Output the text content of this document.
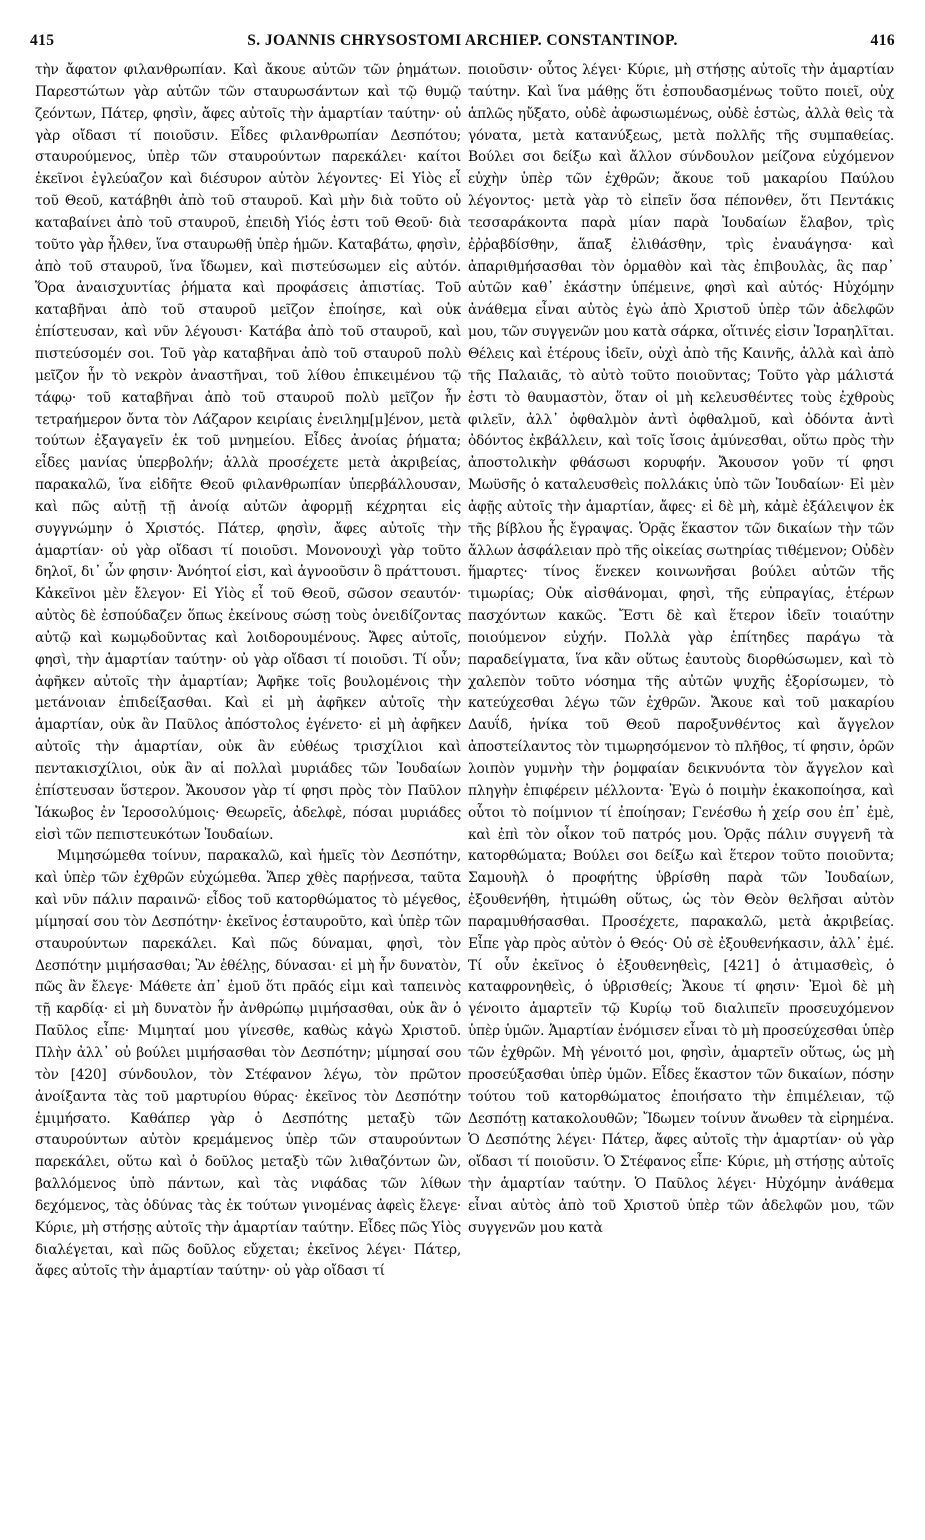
415	S. JOANNIS CHRYSOSTOMI ARCHIEP. CONSTANTINOP.	416

τὴν ἄφατον φιλανθρωπίαν. Καὶ ἄκουε αὐτῶν τῶν ῥημάτων. Παρεστώτων γὰρ αὐτῶν τῶν σταυρωσάντων καὶ τῷ θυμῷ ζεόντων, Πάτερ, φησὶν, ἄφες αὐτοῖς τὴν ἁμαρτίαν ταύτην· οὐ γὰρ οἴδασι τί ποιοῦσιν. Εἶδες φιλανθρωπίαν Δεσπότου; σταυρούμενος, ὑπὲρ τῶν σταυρούντων παρεκάλει· καίτοι ἐκεῖνοι ἐγλεύαζον καὶ διέσυρον αὐτὸν λέγοντες· Εἰ Υἱὸς εἶ τοῦ Θεοῦ, κατάβηθι ἀπὸ τοῦ σταυροῦ. Καὶ μὴν διὰ τοῦτο οὐ καταβαίνει ἀπὸ τοῦ σταυροῦ, ἐπειδὴ Υἱός ἐστι τοῦ Θεοῦ· διὰ τοῦτο γὰρ ἦλθεν, ἵνα σταυρωθῇ ὑπὲρ ἡμῶν. Καταβάτω, φησὶν, ἀπὸ τοῦ σταυροῦ, ἵνα ἴδωμεν, καὶ πιστεύσωμεν εἰς αὐτόν. Ὅρα ἀναισχυντίας ῥήματα καὶ προφάσεις ἀπιστίας. Τοῦ καταβῆναι ἀπὸ τοῦ σταυροῦ μεῖζον ἐποίησε, καὶ οὐκ ἐπίστευσαν, καὶ νῦν λέγουσι· Κατάβα ἀπὸ τοῦ σταυροῦ, καὶ πιστεύσομέν σοι. Τοῦ γὰρ καταβῆναι ἀπὸ τοῦ σταυροῦ πολὺ μεῖζον ἦν τὸ νεκρὸν ἀναστῆναι, τοῦ λίθου ἐπικειμένου τῷ τάφῳ· τοῦ καταβῆναι ἀπὸ τοῦ σταυροῦ πολὺ μεῖζον ἦν τετραήμερον ὄντα τὸν Λάζαρον κειρίαις ἐνειλημ[μ]ένον, μετὰ τούτων ἐξαγαγεῖν ἐκ τοῦ μνημείου. Εἶδες ἀνοίας ῥήματα; εἶδες μανίας ὑπερβολήν; ἀλλὰ προσέχετε μετὰ ἀκριβείας, παρακαλῶ, ἵνα εἰδῆτε Θεοῦ φιλανθρωπίαν ὑπερβάλλουσαν, καὶ πῶς αὐτῇ τῇ ἀνοίᾳ αὐτῶν ἀφορμῇ κέχρηται εἰς συγγνώμην ὁ Χριστός. Πάτερ, φησὶν, ἄφες αὐτοῖς τὴν ἁμαρτίαν· οὐ γὰρ οἴδασι τί ποιοῦσι. Μονονουχὶ γὰρ τοῦτο δηλοῖ, δι᾽ ὧν φησιν· Ἀνόητοί εἰσι, καὶ ἀγνοοῦσιν ὃ πράττουσι. Κἀκεῖνοι μὲν ἔλεγον· Εἰ Υἱὸς εἶ τοῦ Θεοῦ, σῶσον σεαυτόν· αὐτὸς δὲ ἐσπούδαζεν ὅπως ἐκείνους σώσῃ τοὺς ὀνειδίζοντας αὐτῷ καὶ κωμῳδοῦντας καὶ λοιδορουμένους. Ἄφες αὐτοῖς, φησὶ, τὴν ἁμαρτίαν ταύτην· οὐ γὰρ οἴδασι τί ποιοῦσι. Τί οὖν; ἀφῆκεν αὐτοῖς τὴν ἁμαρτίαν; Ἀφῆκε τοῖς βουλομένοις τὴν μετάνοιαν ἐπιδείξασθαι. Καὶ εἰ μὴ ἀφῆκεν αὐτοῖς τὴν ἁμαρτίαν, οὐκ ἂν Παῦλος ἀπόστολος ἐγένετο· εἰ μὴ ἀφῆκεν αὐτοῖς τὴν ἁμαρτίαν, οὐκ ἂν εὐθέως τρισχίλιοι καὶ πεντακισχίλιοι, οὐκ ἂν αἱ πολλαὶ μυριάδες τῶν Ἰουδαίων ἐπίστευσαν ὕστερον. Ἄκουσον γὰρ τί φησι πρὸς τὸν Παῦλον Ἰάκωβος ἐν Ἱεροσολύμοις· Θεωρεῖς, ἀδελφὲ, πόσαι μυριάδες εἰσὶ τῶν πεπιστευκότων Ἰουδαίων.

Μιμησώμεθα τοίνυν, παρακαλῶ, καὶ ἡμεῖς τὸν Δεσπότην, καὶ ὑπὲρ τῶν ἐχθρῶν εὐχώμεθα. Ἅπερ χθὲς παρῄνεσα, ταῦτα καὶ νῦν πάλιν παραινῶ· εἶδος τοῦ κατορθώματος τὸ μέγεθος, μίμησαί σου τὸν Δεσπότην· ἐκεῖνος ἐσταυροῦτο, καὶ ὑπὲρ τῶν σταυρούντων παρεκάλει. Καὶ πῶς δύναμαι, φησὶ, τὸν Δεσπότην μιμήσασθαι; Ἂν ἐθέλῃς, δύνασαι· εἰ μὴ ἦν δυνατὸν, πῶς ἂν ἔλεγε· Μάθετε ἀπ᾽ ἐμοῦ ὅτι πρᾶός εἰμι καὶ ταπεινὸς τῇ καρδίᾳ· εἰ μὴ δυνατὸν ἦν ἀνθρώπῳ μιμήσασθαι, οὐκ ἂν ὁ Παῦλος εἶπε· Μιμηταί μου γίνεσθε, καθὼς κἀγὼ Χριστοῦ. Πλὴν ἀλλ᾽ οὐ βούλει μιμήσασθαι τὸν Δεσπότην; μίμησαί σου τὸν [420] σύνδουλον, τὸν Στέφανον λέγω, τὸν πρῶτον ἀνοίξαντα τὰς τοῦ μαρτυρίου θύρας· ἐκεῖνος τὸν Δεσπότην ἐμιμήσατο. Καθάπερ γὰρ ὁ Δεσπότης μεταξὺ τῶν σταυρούντων αὐτὸν κρεμάμενος ὑπὲρ τῶν σταυρούντων παρεκάλει, οὕτω καὶ ὁ δοῦλος μεταξὺ τῶν λιθαζόντων ὢν, βαλλόμενος ὑπὸ πάντων, καὶ τὰς νιφάδας τῶν λίθων δεχόμενος, τὰς ὀδύνας τὰς ἐκ τούτων γινομένας ἀφεὶς ἔλεγε· Κύριε, μὴ στήσῃς αὐτοῖς τὴν ἁμαρτίαν ταύτην. Εἶδες πῶς Υἱὸς διαλέγεται, καὶ πῶς δοῦλος εὔχεται; ἐκεῖνος λέγει· Πάτερ, ἄφες αὐτοῖς τὴν ἁμαρτίαν ταύτην· οὐ γὰρ οἴδασι τί

ποιοῦσιν· οὗτος λέγει· Κύριε, μὴ στήσῃς αὐτοῖς τὴν ἁμαρτίαν ταύτην. Καὶ ἵνα μάθῃς ὅτι ἐσπουδασμένως τοῦτο ποιεῖ, οὐχ ἁπλῶς ηὔξατο, οὐδὲ ἀφωσιωμένως, οὐδὲ ἑστὼς, ἀλλὰ θεὶς τὰ γόνατα, μετὰ κατανύξεως, μετὰ πολλῆς τῆς συμπαθείας. Βούλει σοι δείξω καὶ ἄλλον σύνδουλον μείζονα εὐχόμενον εὐχὴν ὑπὲρ τῶν ἐχθρῶν; ἄκουε τοῦ μακαρίου Παύλου λέγοντος· μετὰ γὰρ τὸ εἰπεῖν ὅσα πέπονθεν, ὅτι Πεντάκις τεσσαράκοντα παρὰ μίαν παρὰ Ἰουδαίων ἔλαβον, τρὶς ἐῤῥαβδίσθην, ἅπαξ ἐλιθάσθην, τρὶς ἐναυάγησα· καὶ ἀπαριθμήσασθαι τὸν ὁρμαθὸν καὶ τὰς ἐπιβουλὰς, ἃς παρ᾽ αὐτῶν καθ᾽ ἑκάστην ὑπέμεινε, φησὶ καὶ αὐτός· Ηὐχόμην ἀνάθεμα εἶναι αὐτὸς ἐγὼ ἀπὸ Χριστοῦ ὑπὲρ τῶν ἀδελφῶν μου, τῶν συγγενῶν μου κατὰ σάρκα, οἵτινές εἰσιν Ἰσραηλῖται. Θέλεις καὶ ἑτέρους ἰδεῖν, οὐχὶ ἀπὸ τῆς Καινῆς, ἀλλὰ καὶ ἀπὸ τῆς Παλαιᾶς, τὸ αὐτὸ τοῦτο ποιοῦντας; Τοῦτο γὰρ μάλιστά ἐστι τὸ θαυμαστὸν, ὅταν οἱ μὴ κελευσθέντες τοὺς ἐχθροὺς φιλεῖν, ἀλλ᾽ ὀφθαλμὸν ἀντὶ ὀφθαλμοῦ, καὶ ὀδόντα ἀντὶ ὀδόντος ἐκβάλλειν, καὶ τοῖς ἴσοις ἀμύνεσθαι, οὕτω πρὸς τὴν ἀποστολικὴν φθάσωσι κορυφήν. Ἄκουσον γοῦν τί φησι Μωϋσῆς ὁ καταλευσθεὶς πολλάκις ὑπὸ τῶν Ἰουδαίων· Εἰ μὲν ἀφῇς αὐτοῖς τὴν ἁμαρτίαν, ἄφες· εἰ δὲ μὴ, κἀμὲ ἐξάλειψον ἐκ τῆς βίβλου ἧς ἔγραψας. Ὁρᾷς ἕκαστον τῶν δικαίων τὴν τῶν ἄλλων ἀσφάλειαν πρὸ τῆς οἰκείας σωτηρίας τιθέμενον; Οὐδὲν ἥμαρτες· τίνος ἕνεκεν κοινωνῆσαι βούλει αὐτῶν τῆς τιμωρίας; Οὐκ αἰσθάνομαι, φησὶ, τῆς εὐπραγίας, ἑτέρων πασχόντων κακῶς. Ἔστι δὲ καὶ ἕτερον ἰδεῖν τοιαύτην ποιούμενον εὐχήν. Πολλὰ γὰρ ἐπίτηδες παράγω τὰ παραδείγματα, ἵνα κἂν οὕτως ἑαυτοὺς διορθώσωμεν, καὶ τὸ χαλεπὸν τοῦτο νόσημα τῆς αὐτῶν ψυχῆς ἐξορίσωμεν, τὸ κατεύχεσθαι λέγω τῶν ἐχθρῶν. Ἄκουε καὶ τοῦ μακαρίου Δαυΐδ, ἡνίκα τοῦ Θεοῦ παροξυνθέντος καὶ ἄγγελον ἀποστείλαντος τὸν τιμωρησόμενον τὸ πλῆθος, τί φησιν, ὁρῶν λοιπὸν γυμνὴν τὴν ῥομφαίαν δεικνυόντα τὸν ἄγγελον καὶ πληγὴν ἐπιφέρειν μέλλοντα· Ἐγὼ ὁ ποιμὴν ἐκακοποίησα, καὶ οὗτοι τὸ ποίμνιον τί ἐποίησαν; Γενέσθω ἡ χείρ σου ἐπ᾽ ἐμὲ, καὶ ἐπὶ τὸν οἶκον τοῦ πατρός μου. Ὁρᾷς πάλιν συγγενῆ τὰ κατορθώματα; Βούλει σοι δείξω καὶ ἕτερον τοῦτο ποιοῦντα; Σαμουὴλ ὁ προφήτης ὑβρίσθη παρὰ τῶν Ἰουδαίων, ἐξουθενήθη, ἠτιμώθη οὕτως, ὡς τὸν Θεὸν θελῆσαι αὐτὸν παραμυθήσασθαι. Προσέχετε, παρακαλῶ, μετὰ ἀκριβείας. Εἶπε γὰρ πρὸς αὐτὸν ὁ Θεός· Οὐ σὲ ἐξουθενήκασιν, ἀλλ᾽ ἐμέ. Τί οὖν ἐκεῖνος ὁ ἐξουθενηθεὶς, [421] ὁ ἀτιμασθεὶς, ὁ καταφρονηθεὶς, ὁ ὑβρισθείς; Ἄκουε τί φησιν· Ἐμοὶ δὲ μὴ γένοιτο ἁμαρτεῖν τῷ Κυρίῳ τοῦ διαλιπεῖν προσευχόμενον ὑπὲρ ὑμῶν. Ἁμαρτίαν ἐνόμισεν εἶναι τὸ μὴ προσεύχεσθαι ὑπὲρ τῶν ἐχθρῶν. Μὴ γένοιτό μοι, φησὶν, ἁμαρτεῖν οὕτως, ὡς μὴ προσεύξασθαι ὑπὲρ ὑμῶν. Εἶδες ἕκαστον τῶν δικαίων, πόσην τούτου τοῦ κατορθώματος ἐποιήσατο τὴν ἐπιμέλειαν, τῷ Δεσπότῃ κατακολουθῶν; Ἴδωμεν τοίνυν ἄνωθεν τὰ εἰρημένα. Ὁ Δεσπότης λέγει· Πάτερ, ἄφες αὐτοῖς τὴν ἁμαρτίαν· οὐ γὰρ οἴδασι τί ποιοῦσιν. Ὁ Στέφανος εἶπε· Κύριε, μὴ στήσῃς αὐτοῖς τὴν ἁμαρτίαν ταύτην. Ὁ Παῦλος λέγει· Ηὐχόμην ἀνάθεμα εἶναι αὐτὸς ἀπὸ τοῦ Χριστοῦ ὑπὲρ τῶν ἀδελφῶν μου, τῶν συγγενῶν μου κατὰ
